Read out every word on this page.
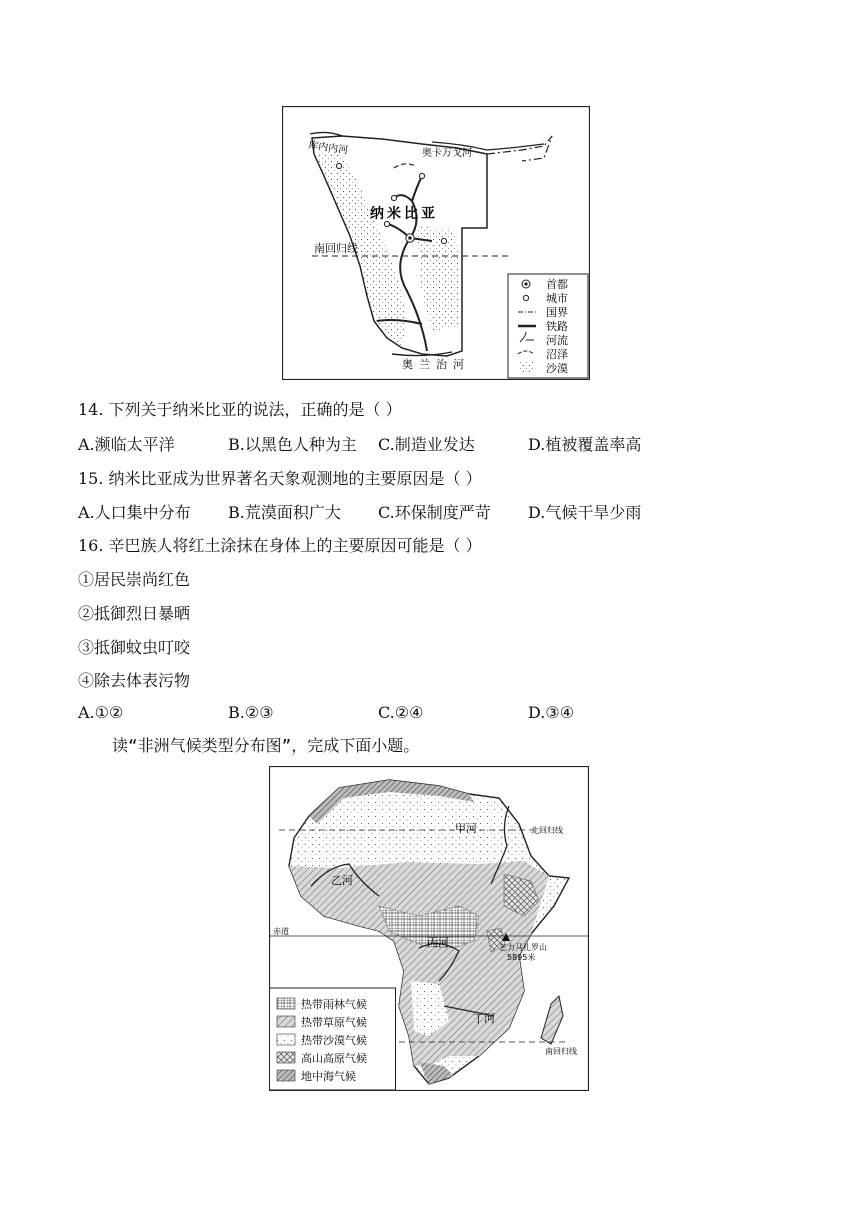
南回归线
纳米比亚
库内内河	奥卡万戈河
奥兰治河
首都
城市
国界
铁路
河流
沼泽
沙漠
14. 下列关于纳米比亚的说法，正确的是（ ）
A.濒临太平洋	B.以黑色人种为主 C.制造业发达	D.植被覆盖率高
15. 纳米比亚成为世界著名天象观测地的主要原因是（ ）
A.人口集中分布 B.荒漠面积广大 C.环保制度严苛 D.气候干旱少雨
16. 辛巴族人将红土涂抹在身体上的主要原因可能是（ ）
①居民崇尚红色
②抵御烈日暴晒
③抵御蚊虫叮咬
④除去体表污物
A.①②	B.②③	C.②④	D.③④
读“非洲气候类型分布图”，完成下面小题。
北回归线
赤道
南回归线
甲河
乙河
丙河
丁河
乞力马扎罗山
5895米
热带雨林气候
热带草原气候
热带沙漠气候
高山高原气候
地中海气候
